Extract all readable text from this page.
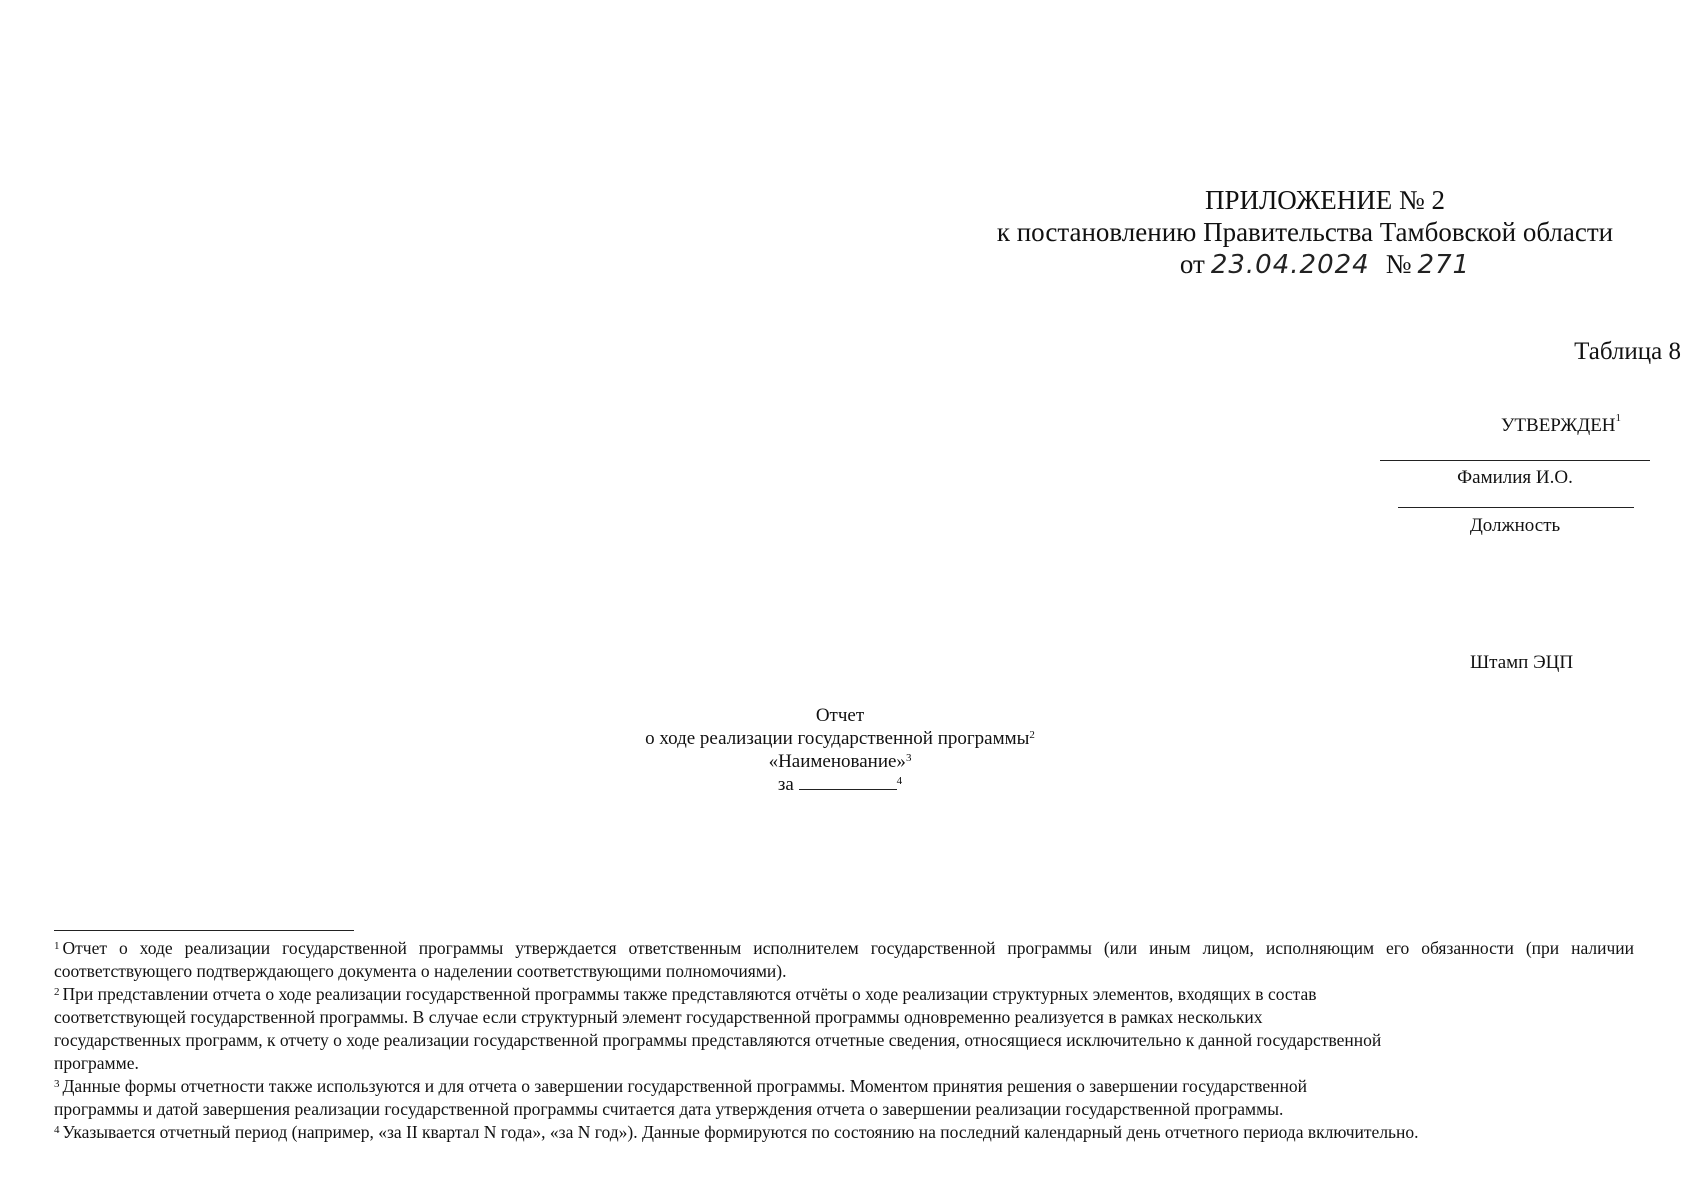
ПРИЛОЖЕНИЕ № 2
к постановлению Правительства Тамбовской области
от 23.04.2024 № 271
Таблица 8
УТВЕРЖДЕН$^1$
Фамилия И.О.
Должность
Штамп ЭЦП
Отчет
о ходе реализации государственной программы$^2$
«Наименование»$^3$
за	$^4$

$^1$ Отчет о ходе реализации государственной программы утверждается ответственным исполнителем государственной программы (или иным лицом, исполняющим его обязанности (при наличии соответствующего подтверждающего документа о наделении соответствующими полномочиями).

$^2$ При представлении отчета о ходе реализации государственной программы также представляются отчёты о ходе реализации структурных элементов, входящих в состав
соответствующей государственной программы. В случае если структурный элемент государственной программы одновременно реализуется в рамках нескольких
государственных программ, к отчету о ходе реализации государственной программы представляются отчетные сведения, относящиеся исключительно к данной государственной
программе.

$^3$ Данные формы отчетности также используются и для отчета о завершении государственной программы. Моментом принятия решения о завершении государственной
программы и датой завершения реализации государственной программы считается дата утверждения отчета о завершении реализации государственной программы.

$^4$ Указывается отчетный период (например, «за II квартал N года», «за N год»). Данные формируются по состоянию на последний календарный день отчетного периода включительно.
